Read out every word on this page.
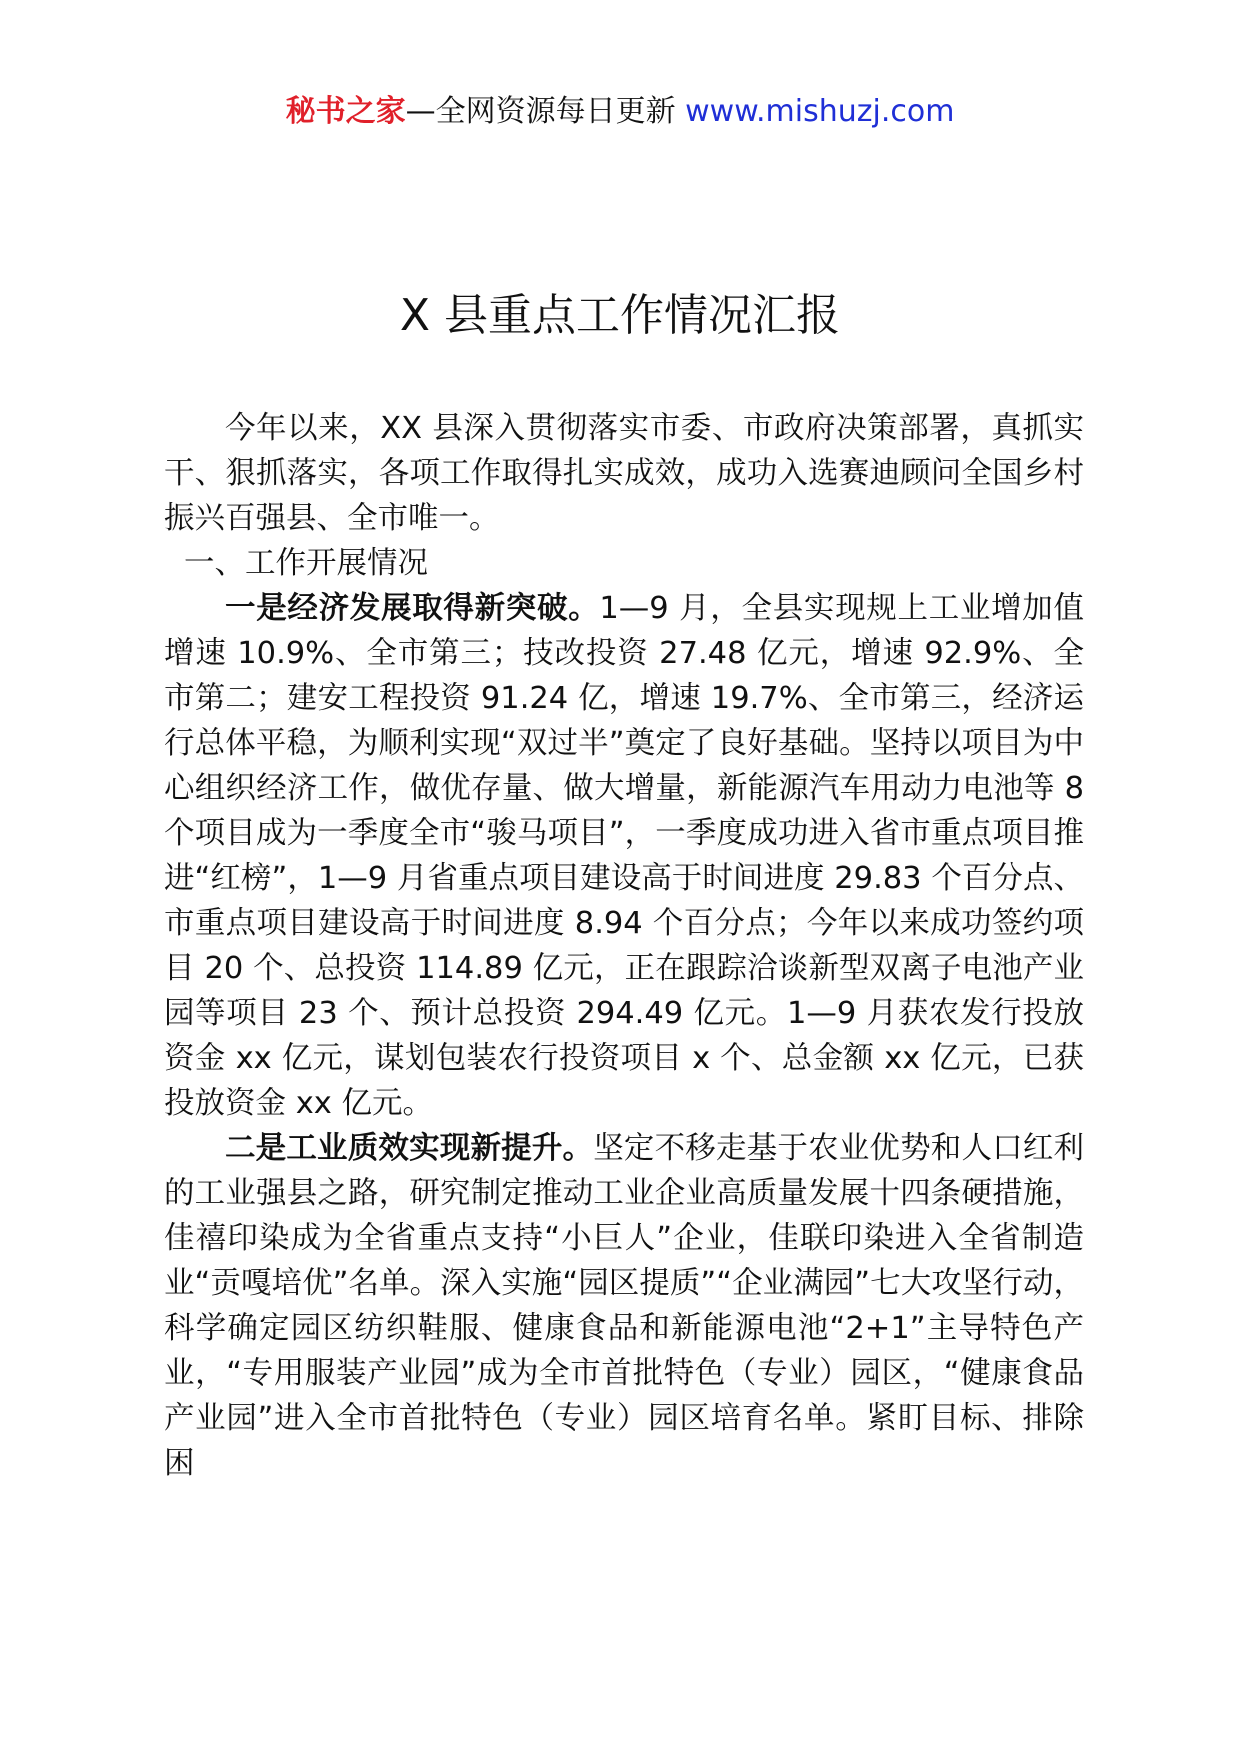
秘书之家—全网资源每日更新 www.mishuzj.com
X 县重点工作情况汇报

今年以来，XX 县深入贯彻落实市委、市政府决策部署，真抓实干、狠抓落实，各项工作取得扎实成效，成功入选赛迪顾问全国乡村振兴百强县、全市唯一。

一、工作开展情况

一是经济发展取得新突破。1—9 月，全县实现规上工业增加值增速 10.9%、全市第三；技改投资 27.48 亿元，增速 92.9%、全市第二；建安工程投资 91.24 亿，增速 19.7%、全市第三，经济运行总体平稳，为顺利实现“双过半”奠定了良好基础。坚持以项目为中心组织经济工作，做优存量、做大增量，新能源汽车用动力电池等 8 个项目成为一季度全市“骏马项目”，一季度成功进入省市重点项目推进“红榜”，1—9 月省重点项目建设高于时间进度 29.83 个百分点、市重点项目建设高于时间进度 8.94 个百分点；今年以来成功签约项目 20 个、总投资 114.89 亿元，正在跟踪洽谈新型双离子电池产业园等项目 23 个、预计总投资 294.49 亿元。1—9 月获农发行投放资金 xx 亿元，谋划包装农行投资项目 x 个、总金额 xx 亿元，已获投放资金 xx 亿元。

二是工业质效实现新提升。坚定不移走基于农业优势和人口红利的工业强县之路，研究制定推动工业企业高质量发展十四条硬措施，佳禧印染成为全省重点支持“小巨人”企业，佳联印染进入全省制造业“贡嘎培优”名单。深入实施“园区提质”“企业满园”七大攻坚行动，科学确定园区纺织鞋服、健康食品和新能源电池“2+1”主导特色产业，“专用服装产业园”成为全市首批特色（专业）园区，“健康食品产业园”进入全市首批特色（专业）园区培育名单。紧盯目标、排除困
